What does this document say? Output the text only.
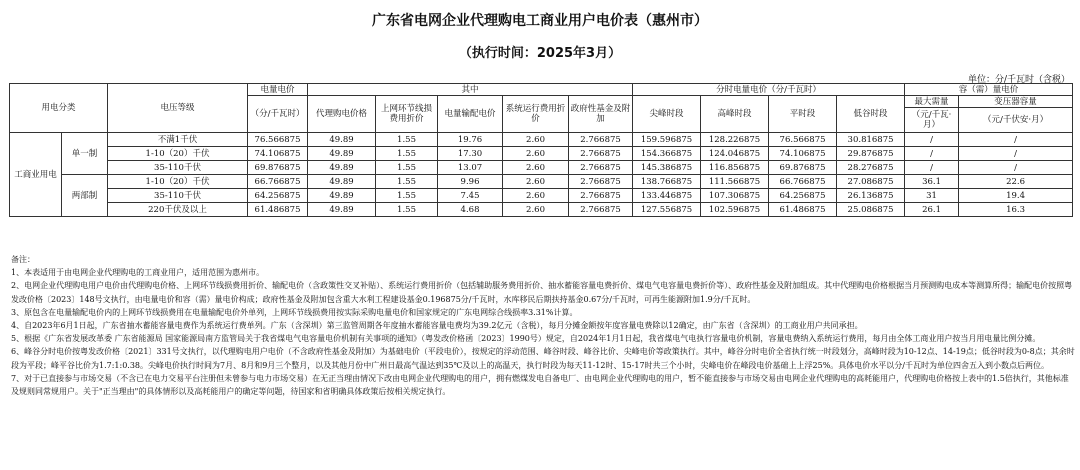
广东省电网企业代理购电工商业用户电价表（惠州市）
（执行时间：2025年3月）
单位：分/千瓦时（含税）
用电分类		电压等级	电量电价	其中					分时电量电价（分/千瓦时）				容（需）量电价	
			（分/千瓦时）	代理购电价格	上网环节线损费用折价	电量输配电价	系统运行费用折价	政府性基金及附加	尖峰时段	高峰时段	平时段	低谷时段	最大需量	变压器容量
													（元/千瓦·月）	（元/千伏安·月）
工商业用电	单一制	不满1千伏	76.566875	49.89	1.55	19.76	2.60	2.766875	159.596875	128.226875	76.566875	30.816875	/	/
		1-10（20）千伏	74.106875	49.89	1.55	17.30	2.60	2.766875	154.366875	124.046875	74.106875	29.876875	/	/
		35-110千伏	69.876875	49.89	1.55	13.07	2.60	2.766875	145.386875	116.856875	69.876875	28.276875	/	/
	两部制	1-10（20）千伏	66.766875	49.89	1.55	9.96	2.60	2.766875	138.766875	111.566875	66.766875	27.086875	36.1	22.6
		35-110千伏	64.256875	49.89	1.55	7.45	2.60	2.766875	133.446875	107.306875	64.256875	26.136875	31	19.4
		220千伏及以上	61.486875	49.89	1.55	4.68	2.60	2.766875	127.556875	102.596875	61.486875	25.086875	26.1	16.3

备注：

1、本表适用于由电网企业代理购电的工商业用户，适用范围为惠州市。

2、电网企业代理购电用户电价由代理购电价格、上网环节线损费用折价、输配电价（含政策性交叉补贴）、系统运行费用折价（包括辅助服务费用折价、抽水蓄能容量电费折价、煤电气电容量电费折价等）、政府性基金及附加组成。其中代理购电价格根据当月预测购电成本等测算所得；输配电价按照粤发改价格〔2023〕148号文执行，由电量电价和容（需）量电价构成；政府性基金及附加包含重大水利工程建设基金0.196875分/千瓦时，水库移民后期扶持基金0.67分/千瓦时，可再生能源附加1.9分/千瓦时。

3、原包含在电量输配电价内的上网环节线损费用在电量输配电价外单列，上网环节线损费用按实际采购电量电价和国家规定的广东电网综合线损率3.31%计算。

4、自2023年6月1日起，广东省抽水蓄能容量电费作为系统运行费单列。广东（含深圳）第三监管周期各年度抽水蓄能容量电费均为39.2亿元（含税），每月分摊金额按年度容量电费除以12确定，由广东省（含深圳）的工商业用户共同承担。

5、根据《广东省发展改革委 广东省能源局 国家能源局南方监管局关于我省煤电气电容量电价机制有关事项的通知》（粤发改价格函〔2023〕1990号）规定，自2024年1月1日起，我省煤电气电执行容量电价机制，容量电费纳入系统运行费用，每月由全体工商业用户按当月用电量比例分摊。

6、峰谷分时电价按粤发改价格〔2021〕331号文执行，以代理购电用户电价（不含政府性基金及附加）为基础电价（平段电价），按规定的浮动范围、峰谷时段、峰谷比价、尖峰电价等政策执行。其中，峰谷分时电价全省执行统一时段划分，高峰时段为10-12点、14-19点；低谷时段为0-8点；其余时段为平段；峰平谷比价为1.7:1:0.38。尖峰电价执行时间为7月、8月和9月三个整月，以及其他月份中广州日最高气温达到35℃及以上的高温天，执行时段为每天11-12时、15-17时共三个小时，尖峰电价在峰段电价基础上上浮25%。具体电价水平以分/千瓦时为单位四舍五入到小数点后两位。

7、对于已直接参与市场交易（不含已在电力交易平台注册但未曾参与电力市场交易）在无正当理由情况下改由电网企业代理购电的用户，拥有燃煤发电自备电厂、由电网企业代理购电的用户，暂不能直接参与市场交易由电网企业代理购电的高耗能用户，代理购电价格按上表中的1.5倍执行，其他标准及规则同常规用户。关于"正当理由"的具体情形以及高耗能用户的确定等问题，待国家和省明确具体政策后按相关规定执行。
